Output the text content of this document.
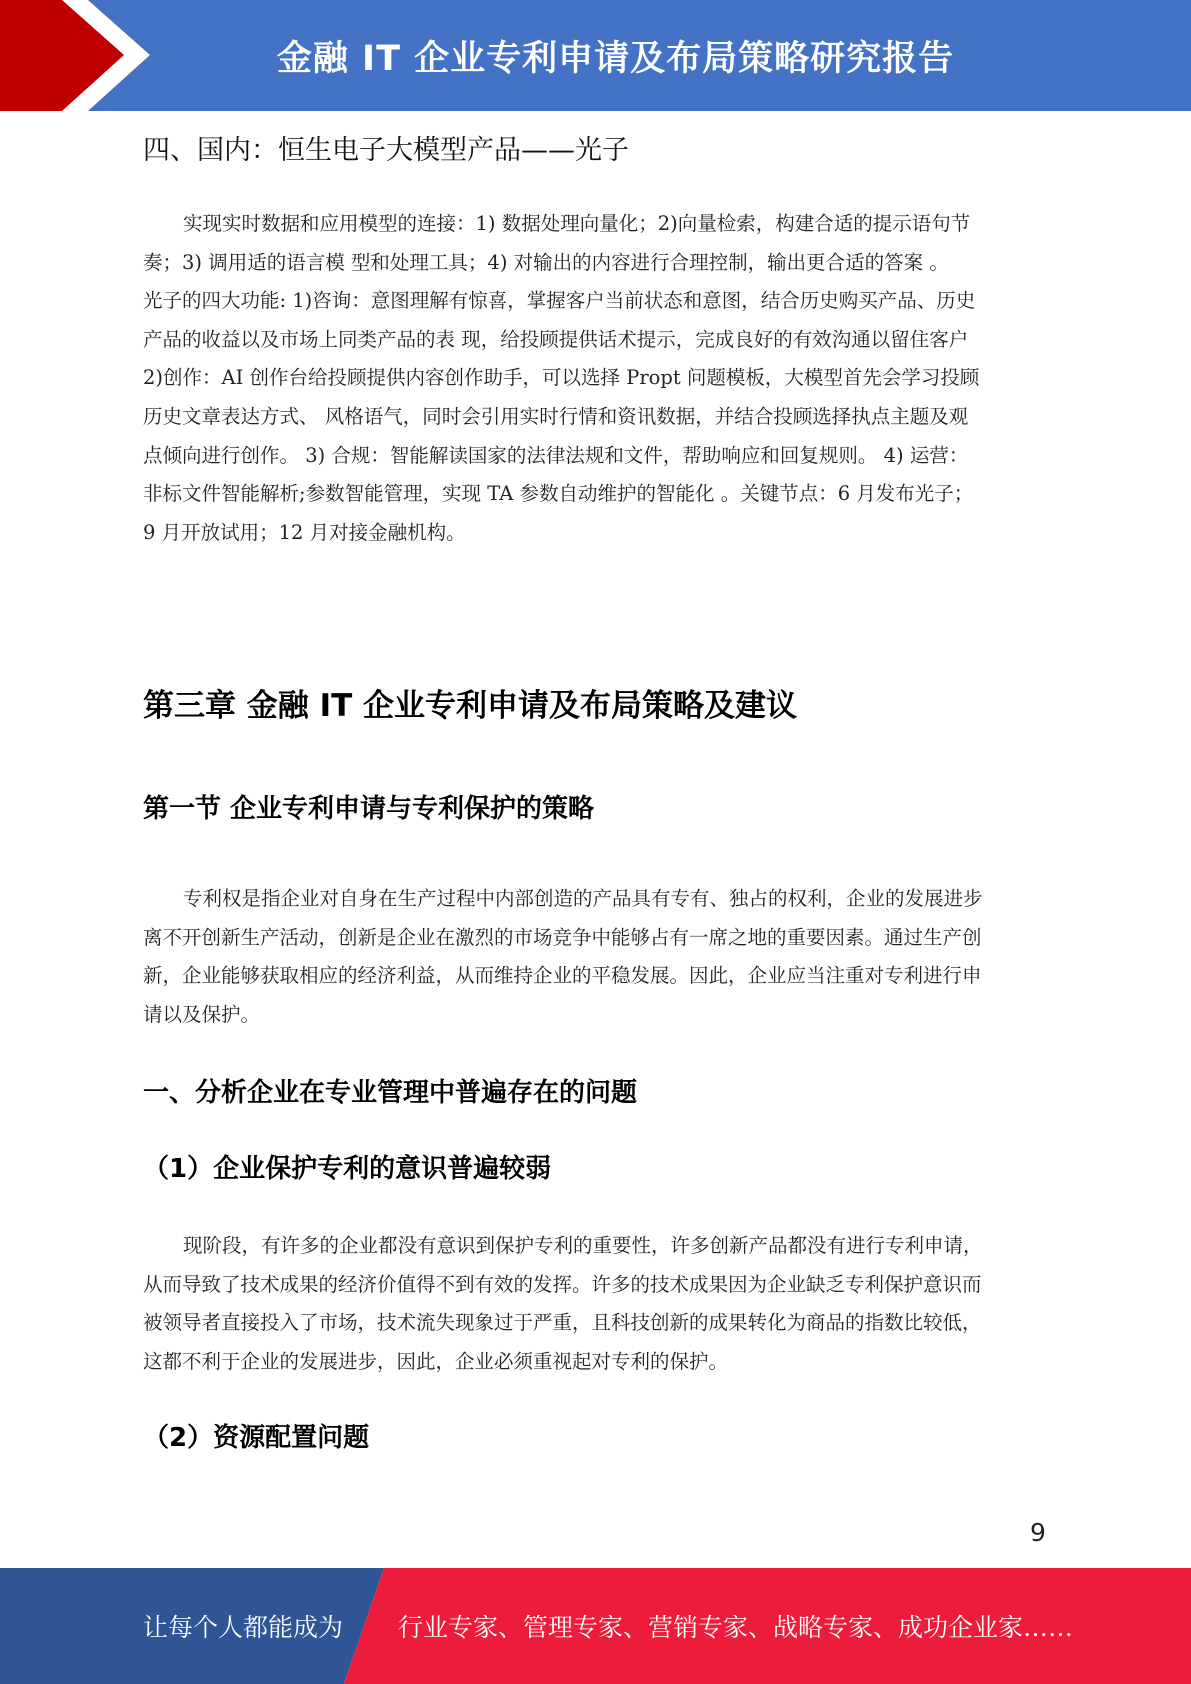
金融 IT 企业专利申请及布局策略研究报告
四、国内：恒生电子大模型产品——光子

实现实时数据和应用模型的连接：1) 数据处理向量化；2)向量检索，构建合适的提示语句节
奏；3) 调用适的语言模 型和处理工具；4) 对输出的内容进行合理控制，输出更合适的答案 。
光子的四大功能: 1)咨询：意图理解有惊喜，掌握客户当前状态和意图，结合历史购买产品、历史
产品的收益以及市场上同类产品的表 现，给投顾提供话术提示，完成良好的有效沟通以留住客户
2)创作：AI 创作台给投顾提供内容创作助手，可以选择 Propt 问题模板，大模型首先会学习投顾
历史文章表达方式、 风格语气，同时会引用实时行情和资讯数据，并结合投顾选择执点主题及观
点倾向进行创作。 3) 合规：智能解读国家的法律法规和文件，帮助响应和回复规则。 4) 运营：
非标文件智能解析;参数智能管理，实现 TA 参数自动维护的智能化 。关键节点：6 月发布光子；
9 月开放试用；12 月对接金融机构。

第三章 金融 IT 企业专利申请及布局策略及建议
第一节 企业专利申请与专利保护的策略

专利权是指企业对自身在生产过程中内部创造的产品具有专有、独占的权利，企业的发展进步
离不开创新生产活动，创新是企业在激烈的市场竞争中能够占有一席之地的重要因素。通过生产创
新，企业能够获取相应的经济利益，从而维持企业的平稳发展。因此，企业应当注重对专利进行申
请以及保护。

一、分析企业在专业管理中普遍存在的问题
（1）企业保护专利的意识普遍较弱

现阶段，有许多的企业都没有意识到保护专利的重要性，许多创新产品都没有进行专利申请，
从而导致了技术成果的经济价值得不到有效的发挥。许多的技术成果因为企业缺乏专利保护意识而
被领导者直接投入了市场，技术流失现象过于严重，且科技创新的成果转化为商品的指数比较低，
这都不利于企业的发展进步，因此，企业必须重视起对专利的保护。

（2）资源配置问题
9
让每个人都能成为 行业专家、管理专家、营销专家、战略专家、成功企业家……
